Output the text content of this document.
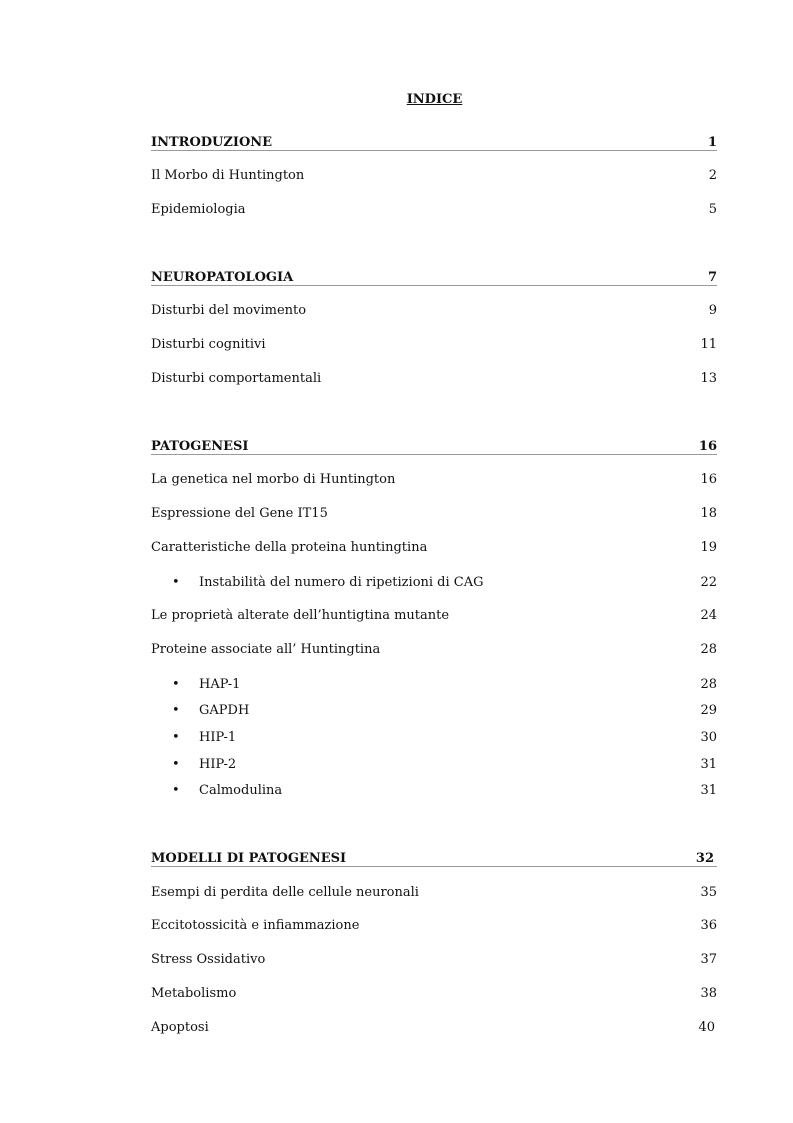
INDICE
INTRODUZIONE	1
Il Morbo di Huntington	2
Epidemiologia	5
NEUROPATOLOGIA	7
Disturbi del movimento	9
Disturbi cognitivi	11
Disturbi comportamentali	13
PATOGENESI	16
La genetica nel morbo di Huntington	16
Espressione del Gene IT15	18
Caratteristiche della proteina huntingtina	19
• Instabilità del numero di ripetizioni di CAG	22
Le proprietà alterate dell’huntigtina mutante	24
Proteine associate all’ Huntingtina	28
• HAP-1	28
• GAPDH	29
• HIP-1	30
• HIP-2	31
• Calmodulina	31
MODELLI DI PATOGENESI	32
Esempi di perdita delle cellule neuronali	35
Eccitotossicità e infiammazione	36
Stress Ossidativo	37
Metabolismo	38
Apoptosi	40
